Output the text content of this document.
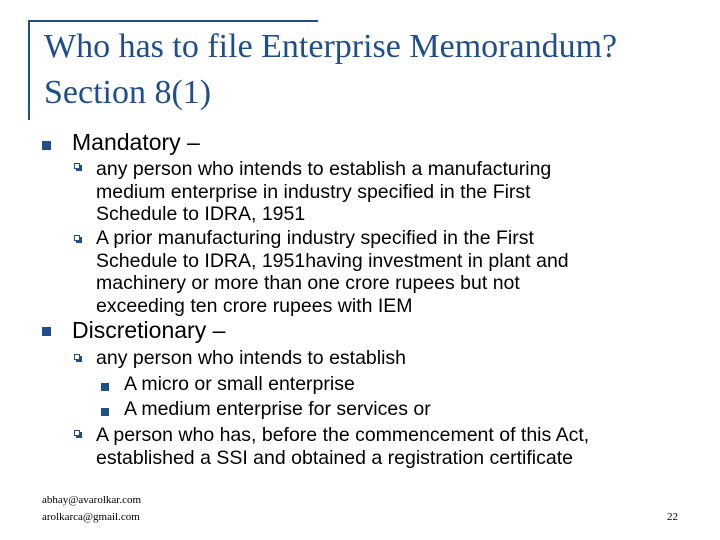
Who has to file Enterprise Memorandum?
Section 8(1)
Mandatory –
any person who intends to establish a manufacturing
medium enterprise in industry specified in the First
Schedule to IDRA, 1951
A prior manufacturing industry specified in the First
Schedule to IDRA, 1951having investment in plant and
machinery or more than one crore rupees but not
exceeding ten crore rupees with IEM
Discretionary –
any person who intends to establish
A micro or small enterprise
A medium enterprise for services or
A person who has, before the commencement of this Act,
established a SSI and obtained a registration certificate
abhay@avarolkar.com
arolkarca@gmail.com	22
